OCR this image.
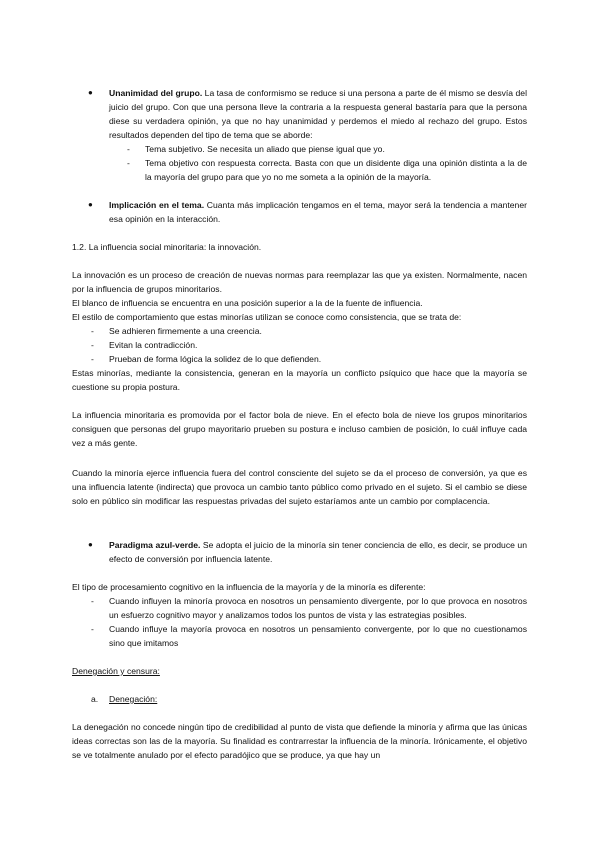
● Unanimidad del grupo. La tasa de conformismo se reduce si una persona a parte de él mismo se desvía del juicio del grupo. Con que una persona lleve la contraria a la respuesta general bastaría para que la persona diese su verdadera opinión, ya que no hay unanimidad y perdemos el miedo al rechazo del grupo. Estos resultados dependen del tipo de tema que se aborde:
- Tema subjetivo. Se necesita un aliado que piense igual que yo.
- Tema objetivo con respuesta correcta. Basta con que un disidente diga una opinión distinta a la de la mayoría del grupo para que yo no me someta a la opinión de la mayoría.
● Implicación en el tema. Cuanta más implicación tengamos en el tema, mayor será la tendencia a mantener esa opinión en la interacción.
1.2. La influencia social minoritaria: la innovación.
La innovación es un proceso de creación de nuevas normas para reemplazar las que ya existen. Normalmente, nacen por la influencia de grupos minoritarios.
El blanco de influencia se encuentra en una posición superior a la de la fuente de influencia.
El estilo de comportamiento que estas minorías utilizan se conoce como consistencia, que se trata de:
- Se adhieren firmemente a una creencia.
- Evitan la contradicción.
- Prueban de forma lógica la solidez de lo que defienden.
Estas minorías, mediante la consistencia, generan en la mayoría un conflicto psíquico que hace que la mayoría se cuestione su propia postura.
La influencia minoritaria es promovida por el factor bola de nieve. En el efecto bola de nieve los grupos minoritarios consiguen que personas del grupo mayoritario prueben su postura e incluso cambien de posición, lo cuál influye cada vez a más gente.
Cuando la minoría ejerce influencia fuera del control consciente del sujeto se da el proceso de conversión, ya que es una influencia latente (indirecta) que provoca un cambio tanto público como privado en el sujeto. Si el cambio se diese solo en público sin modificar las respuestas privadas del sujeto estaríamos ante un cambio por complacencia.
● Paradigma azul-verde. Se adopta el juicio de la minoría sin tener conciencia de ello, es decir, se produce un efecto de conversión por influencia latente.
El tipo de procesamiento cognitivo en la influencia de la mayoría y de la minoría es diferente:
- Cuando influyen la minoría provoca en nosotros un pensamiento divergente, por lo que provoca en nosotros un esfuerzo cognitivo mayor y analizamos todos los puntos de vista y las estrategias posibles.
- Cuando influye la mayoría provoca en nosotros un pensamiento convergente, por lo que no cuestionamos sino que imitamos
Denegación y censura:
a. Denegación:
La denegación no concede ningún tipo de credibilidad al punto de vista que defiende la minoría y afirma que las únicas ideas correctas son las de la mayoría. Su finalidad es contrarrestar la influencia de la minoría. Irónicamente, el objetivo se ve totalmente anulado por el efecto paradójico que se produce, ya que hay un
